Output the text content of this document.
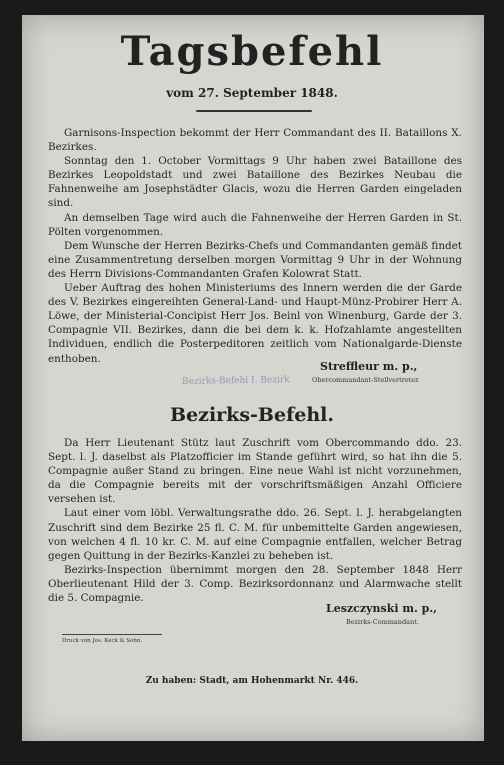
Tagsbefehl
vom 27. September 1848.

Garnisons-Inspection bekommt der Herr Commandant des II. Bataillons X. Bezirkes.

Sonntag den 1. October Vormittags 9 Uhr haben zwei Bataillone des Bezirkes Leopoldstadt und zwei Bataillone des Bezirkes Neubau die Fahnenweihe am Josephstädter Glacis, wozu die Herren Garden eingeladen sind.

An demselben Tage wird auch die Fahnenweihe der Herren Garden in St. Pölten vorgenommen.

Dem Wunsche der Herren Bezirks-Chefs und Commandanten gemäß findet eine Zusammentretung derselben morgen Vormittag 9 Uhr in der Wohnung des Herrn Divisions-Commandanten Grafen Kolowrat Statt.

Ueber Auftrag des hohen Ministeriums des Innern werden die der Garde des V. Bezirkes eingereihten General-Land- und Haupt-Münz-Probirer Herr A. Löwe, der Ministerial-Concipist Herr Jos. Beinl von Winenburg, Garde der 3. Compagnie VII. Bezirkes, dann die bei dem k. k. Hofzahlamte angestellten Individuen, endlich die Posterpeditoren zeitlich vom Nationalgarde-Dienste enthoben.

Streffleur m. p.,
Obercommandant-Stellvertreter.
Bezirks-Befehl I. Bezirk
Bezirks-Befehl.

Da Herr Lieutenant Stütz laut Zuschrift vom Obercommando ddo. 23. Sept. l. J. daselbst als Platzofficier im Stande geführt wird, so hat ihn die 5. Compagnie außer Stand zu bringen. Eine neue Wahl ist nicht vorzunehmen, da die Compagnie bereits mit der vorschriftsmäßigen Anzahl Officiere versehen ist.

Laut einer vom löbl. Verwaltungsrathe ddo. 26. Sept. l. J. herabgelangten Zuschrift sind dem Bezirke 25 fl. C. M. für unbemittelte Garden angewiesen, von welchen 4 fl. 10 kr. C. M. auf eine Compagnie entfallen, welcher Betrag gegen Quittung in der Bezirks-Kanzlei zu beheben ist.

Bezirks-Inspection übernimmt morgen den 28. September 1848 Herr Oberlieutenant Hild der 3. Comp. Bezirksordonnanz und Alarmwache stellt die 5. Compagnie.

Leszczynski m. p.,
Bezirks-Commandant.
Druck von Jos. Keck & Sohn.
Zu haben: Stadt, am Hohenmarkt Nr. 446.
